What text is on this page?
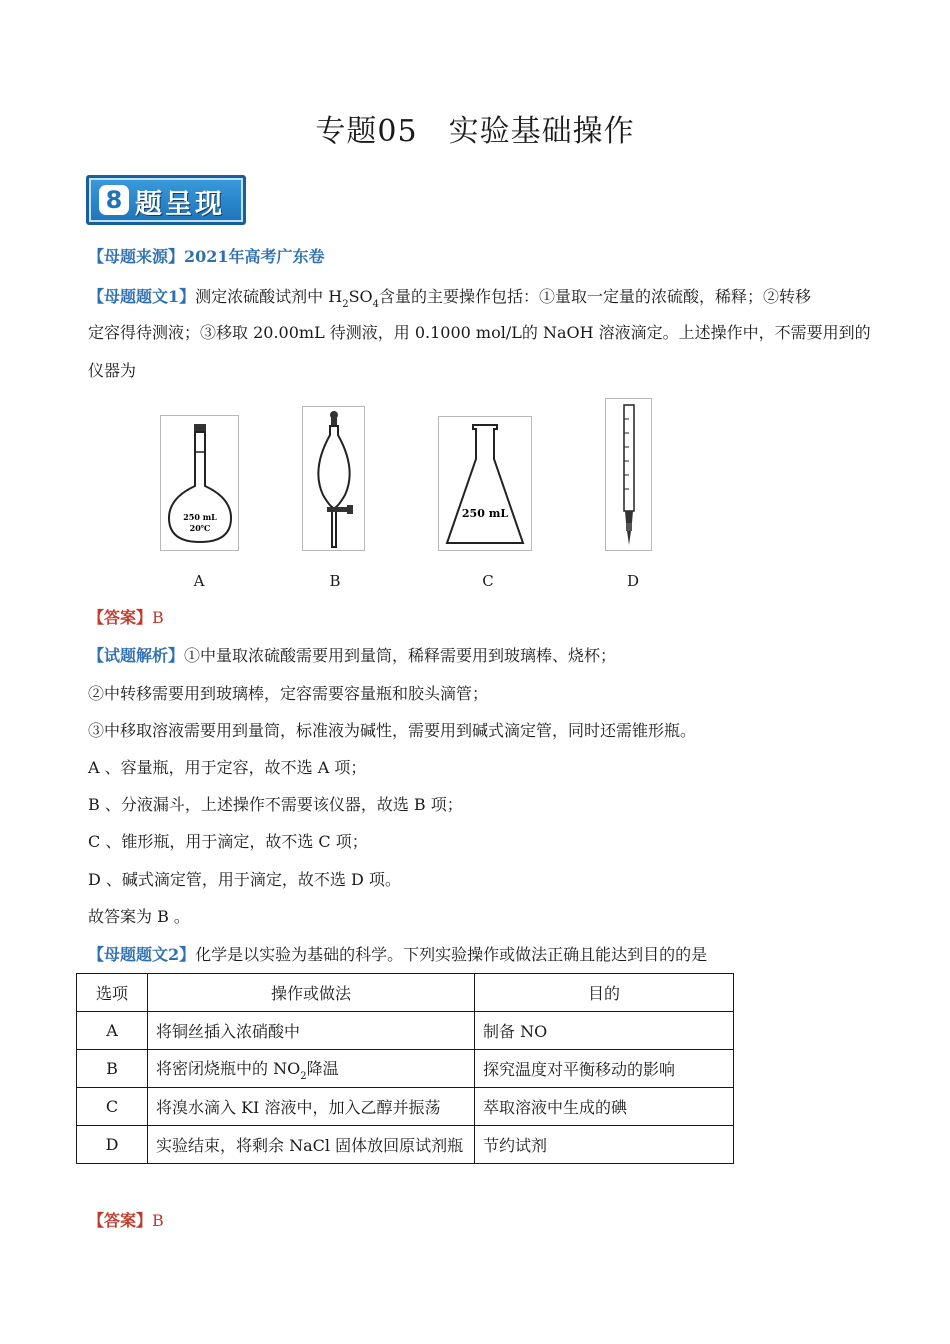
专题05　实验基础操作
8 题呈现
【母题来源】2021年高考广东卷
【母题题文1】测定浓硫酸试剂中 $H_2SO_4$含量的主要操作包括：①量取一定量的浓硫酸，稀释；②转移
定容得待测液；③移取 20.00mL 待测液，用 0.1000 mol/L的 NaOH 溶液滴定。上述操作中，不需要用到的
仪器为
250 mL
20℃
250 mL
A	B	C	D
【答案】B
【试题解析】①中量取浓硫酸需要用到量筒，稀释需要用到玻璃棒、烧杯；
②中转移需要用到玻璃棒，定容需要容量瓶和胶头滴管；
③中移取溶液需要用到量筒，标准液为碱性，需要用到碱式滴定管，同时还需锥形瓶。
A 、容量瓶，用于定容，故不选 A 项；
B 、分液漏斗，上述操作不需要该仪器，故选 B 项；
C 、锥形瓶，用于滴定，故不选 C 项；
D 、碱式滴定管，用于滴定，故不选 D 项。
故答案为 B 。
【母题题文2】化学是以实验为基础的科学。下列实验操作或做法正确且能达到目的的是
选项	操作或做法	目的
A	将铜丝插入浓硝酸中	制备 NO
B	将密闭烧瓶中的 $NO_2$降温	探究温度对平衡移动的影响
C	将溴水滴入 KI 溶液中，加入乙醇并振荡	萃取溶液中生成的碘
D	实验结束，将剩余 NaCl 固体放回原试剂瓶	节约试剂
【答案】B
